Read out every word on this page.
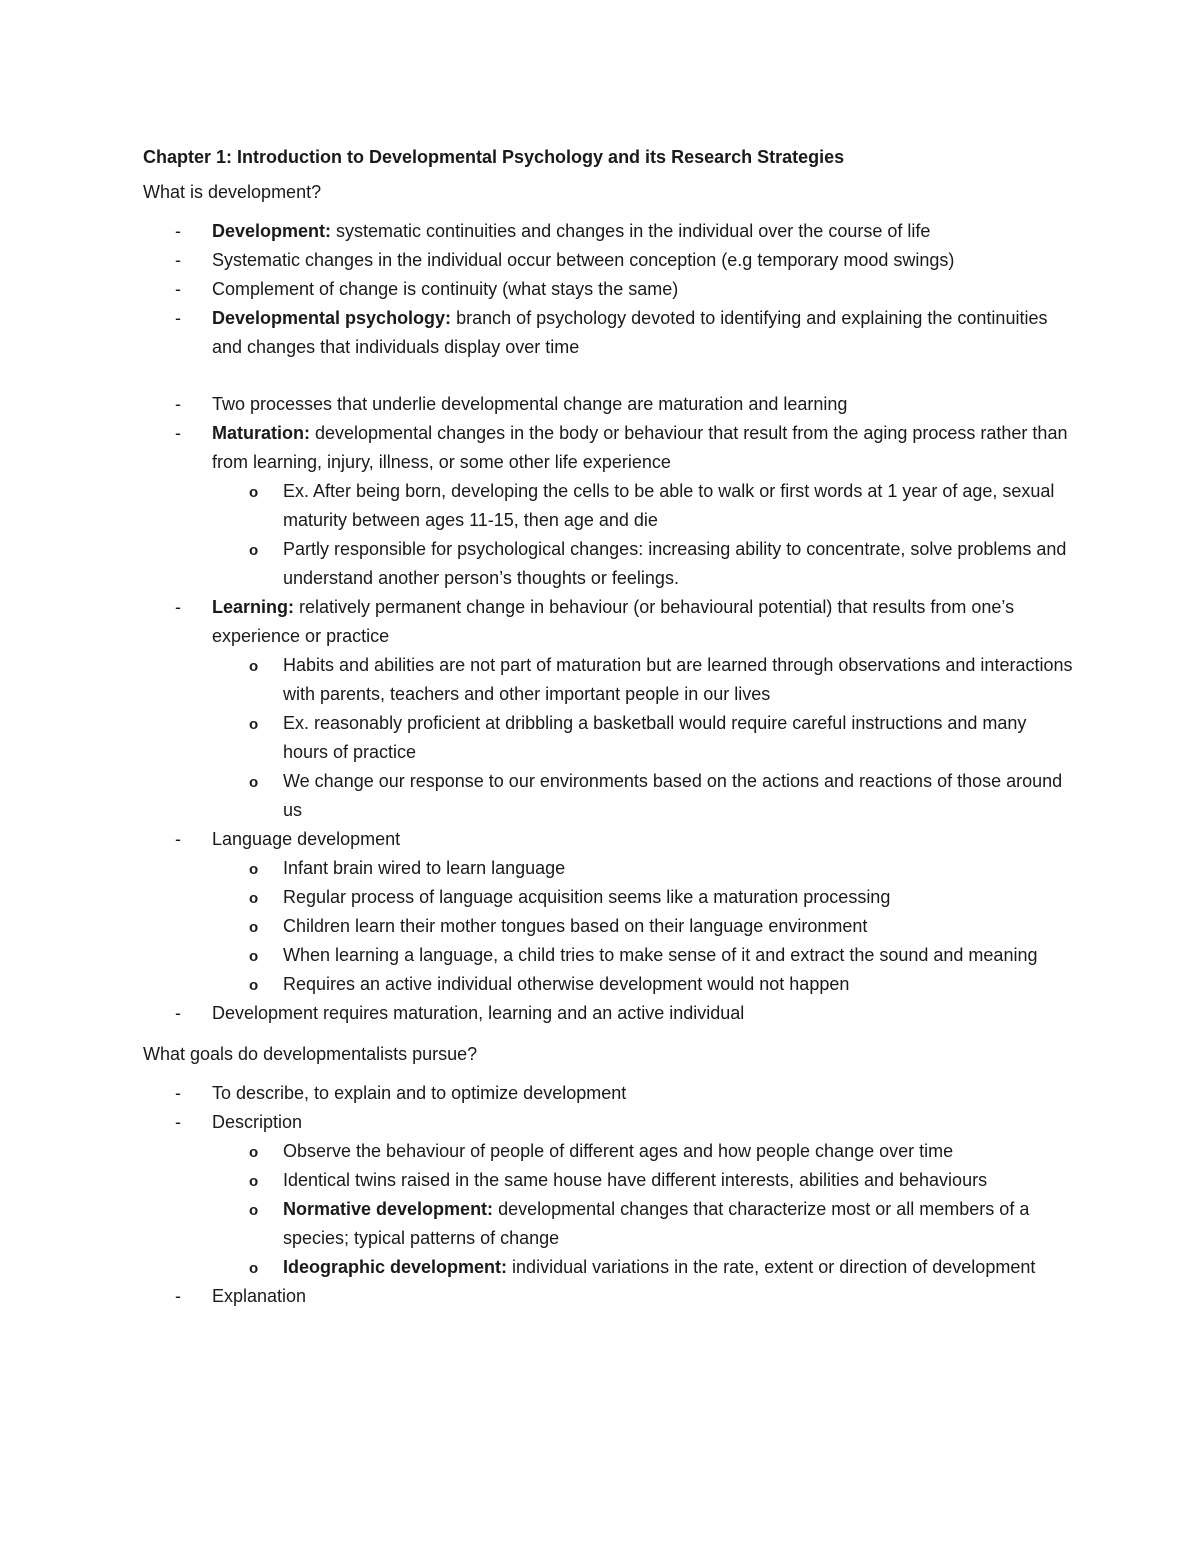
Chapter 1: Introduction to Developmental Psychology and its Research Strategies
What is development?
- Development: systematic continuities and changes in the individual over the course of life
- Systematic changes in the individual occur between conception (e.g temporary mood swings)
- Complement of change is continuity (what stays the same)
- Developmental psychology: branch of psychology devoted to identifying and explaining the continuities and changes that individuals display over time
- Two processes that underlie developmental change are maturation and learning
- Maturation: developmental changes in the body or behaviour that result from the aging process rather than from learning, injury, illness, or some other life experience
o Ex. After being born, developing the cells to be able to walk or first words at 1 year of age, sexual maturity between ages 11-15, then age and die
o Partly responsible for psychological changes: increasing ability to concentrate, solve problems and understand another person’s thoughts or feelings.
- Learning: relatively permanent change in behaviour (or behavioural potential) that results from one’s experience or practice
o Habits and abilities are not part of maturation but are learned through observations and interactions with parents, teachers and other important people in our lives
o Ex. reasonably proficient at dribbling a basketball would require careful instructions and many hours of practice
o We change our response to our environments based on the actions and reactions of those around us
- Language development
o Infant brain wired to learn language
o Regular process of language acquisition seems like a maturation processing
o Children learn their mother tongues based on their language environment
o When learning a language, a child tries to make sense of it and extract the sound and meaning
o Requires an active individual otherwise development would not happen
- Development requires maturation, learning and an active individual
What goals do developmentalists pursue?
- To describe, to explain and to optimize development
- Description
o Observe the behaviour of people of different ages and how people change over time
o Identical twins raised in the same house have different interests, abilities and behaviours
o Normative development: developmental changes that characterize most or all members of a species; typical patterns of change
o Ideographic development: individual variations in the rate, extent or direction of development
- Explanation
